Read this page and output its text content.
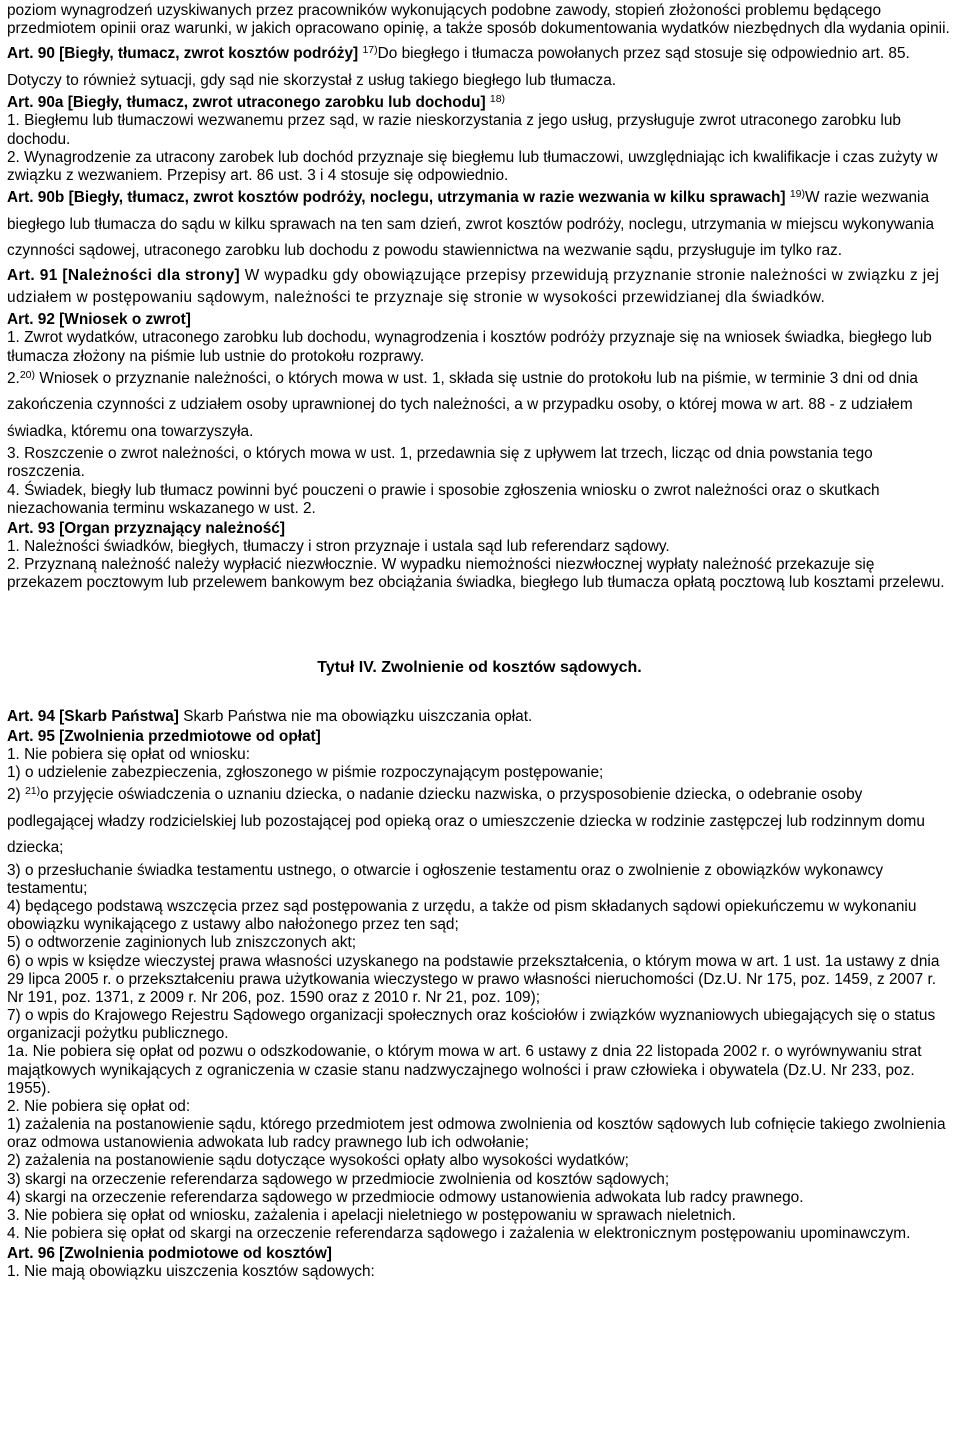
poziom wynagrodzeń uzyskiwanych przez pracowników wykonujących podobne zawody, stopień złożoności problemu będącego przedmiotem opinii oraz warunki, w jakich opracowano opinię, a także sposób dokumentowania wydatków niezbędnych dla wydania opinii.

Art. 90 [Biegły, tłumacz, zwrot kosztów podróży] $^{17)}$Do biegłego i tłumacza powołanych przez sąd stosuje się odpowiednio art. 85. Dotyczy to również sytuacji, gdy sąd nie skorzystał z usług takiego biegłego lub tłumacza.

Art. 90a [Biegły, tłumacz, zwrot utraconego zarobku lub dochodu] $^{18)}$

1. Biegłemu lub tłumaczowi wezwanemu przez sąd, w razie nieskorzystania z jego usług, przysługuje zwrot utraconego zarobku lub dochodu.

2. Wynagrodzenie za utracony zarobek lub dochód przyznaje się biegłemu lub tłumaczowi, uwzględniając ich kwalifikacje i czas zużyty w związku z wezwaniem. Przepisy art. 86 ust. 3 i 4 stosuje się odpowiednio.

Art. 90b [Biegły, tłumacz, zwrot kosztów podróży, noclegu, utrzymania w razie wezwania w kilku sprawach] $^{19)}$W razie wezwania biegłego lub tłumacza do sądu w kilku sprawach na ten sam dzień, zwrot kosztów podróży, noclegu, utrzymania w miejscu wykonywania czynności sądowej, utraconego zarobku lub dochodu z powodu stawiennictwa na wezwanie sądu, przysługuje im tylko raz.

Art. 91 [Należności dla strony] W wypadku gdy obowiązujące przepisy przewidują przyznanie stronie należności w związku z jej udziałem w postępowaniu sądowym, należności te przyznaje się stronie w wysokości przewidzianej dla świadków.

Art. 92 [Wniosek o zwrot]

1. Zwrot wydatków, utraconego zarobku lub dochodu, wynagrodzenia i kosztów podróży przyznaje się na wniosek świadka, biegłego lub tłumacza złożony na piśmie lub ustnie do protokołu rozprawy.

2.$^{20)}$ Wniosek o przyznanie należności, o których mowa w ust. 1, składa się ustnie do protokołu lub na piśmie, w terminie 3 dni od dnia zakończenia czynności z udziałem osoby uprawnionej do tych należności, a w przypadku osoby, o której mowa w art. 88 - z udziałem świadka, któremu ona towarzyszyła.

3. Roszczenie o zwrot należności, o których mowa w ust. 1, przedawnia się z upływem lat trzech, licząc od dnia powstania tego roszczenia.

4. Świadek, biegły lub tłumacz powinni być pouczeni o prawie i sposobie zgłoszenia wniosku o zwrot należności oraz o skutkach niezachowania terminu wskazanego w ust. 2.

Art. 93 [Organ przyznający należność]

1. Należności świadków, biegłych, tłumaczy i stron przyznaje i ustala sąd lub referendarz sądowy.

2. Przyznaną należność należy wypłacić niezwłocznie. W wypadku niemożności niezwłocznej wypłaty należność przekazuje się przekazem pocztowym lub przelewem bankowym bez obciążania świadka, biegłego lub tłumacza opłatą pocztową lub kosztami przelewu.

Tytuł IV. Zwolnienie od kosztów sądowych.

Art. 94 [Skarb Państwa] Skarb Państwa nie ma obowiązku uiszczania opłat.

Art. 95 [Zwolnienia przedmiotowe od opłat]

1. Nie pobiera się opłat od wniosku:

1) o udzielenie zabezpieczenia, zgłoszonego w piśmie rozpoczynającym postępowanie;

2) $^{21)}$o przyjęcie oświadczenia o uznaniu dziecka, o nadanie dziecku nazwiska, o przysposobienie dziecka, o odebranie osoby podlegającej władzy rodzicielskiej lub pozostającej pod opieką oraz o umieszczenie dziecka w rodzinie zastępczej lub rodzinnym domu dziecka;

3) o przesłuchanie świadka testamentu ustnego, o otwarcie i ogłoszenie testamentu oraz o zwolnienie z obowiązków wykonawcy testamentu;

4) będącego podstawą wszczęcia przez sąd postępowania z urzędu, a także od pism składanych sądowi opiekuńczemu w wykonaniu obowiązku wynikającego z ustawy albo nałożonego przez ten sąd;

5) o odtworzenie zaginionych lub zniszczonych akt;

6) o wpis w księdze wieczystej prawa własności uzyskanego na podstawie przekształcenia, o którym mowa w art. 1 ust. 1a ustawy z dnia 29 lipca 2005 r. o przekształceniu prawa użytkowania wieczystego w prawo własności nieruchomości (Dz.U. Nr 175, poz. 1459, z 2007 r. Nr 191, poz. 1371, z 2009 r. Nr 206, poz. 1590 oraz z 2010 r. Nr 21, poz. 109);

7) o wpis do Krajowego Rejestru Sądowego organizacji społecznych oraz kościołów i związków wyznaniowych ubiegających się o status organizacji pożytku publicznego.

1a. Nie pobiera się opłat od pozwu o odszkodowanie, o którym mowa w art. 6 ustawy z dnia 22 listopada 2002 r. o wyrównywaniu strat majątkowych wynikających z ograniczenia w czasie stanu nadzwyczajnego wolności i praw człowieka i obywatela (Dz.U. Nr 233, poz. 1955).

2. Nie pobiera się opłat od:

1) zażalenia na postanowienie sądu, którego przedmiotem jest odmowa zwolnienia od kosztów sądowych lub cofnięcie takiego zwolnienia oraz odmowa ustanowienia adwokata lub radcy prawnego lub ich odwołanie;

2) zażalenia na postanowienie sądu dotyczące wysokości opłaty albo wysokości wydatków;

3) skargi na orzeczenie referendarza sądowego w przedmiocie zwolnienia od kosztów sądowych;

4) skargi na orzeczenie referendarza sądowego w przedmiocie odmowy ustanowienia adwokata lub radcy prawnego.

3. Nie pobiera się opłat od wniosku, zażalenia i apelacji nieletniego w postępowaniu w sprawach nieletnich.

4. Nie pobiera się opłat od skargi na orzeczenie referendarza sądowego i zażalenia w elektronicznym postępowaniu upominawczym.

Art. 96 [Zwolnienia podmiotowe od kosztów]

1. Nie mają obowiązku uiszczenia kosztów sądowych:
